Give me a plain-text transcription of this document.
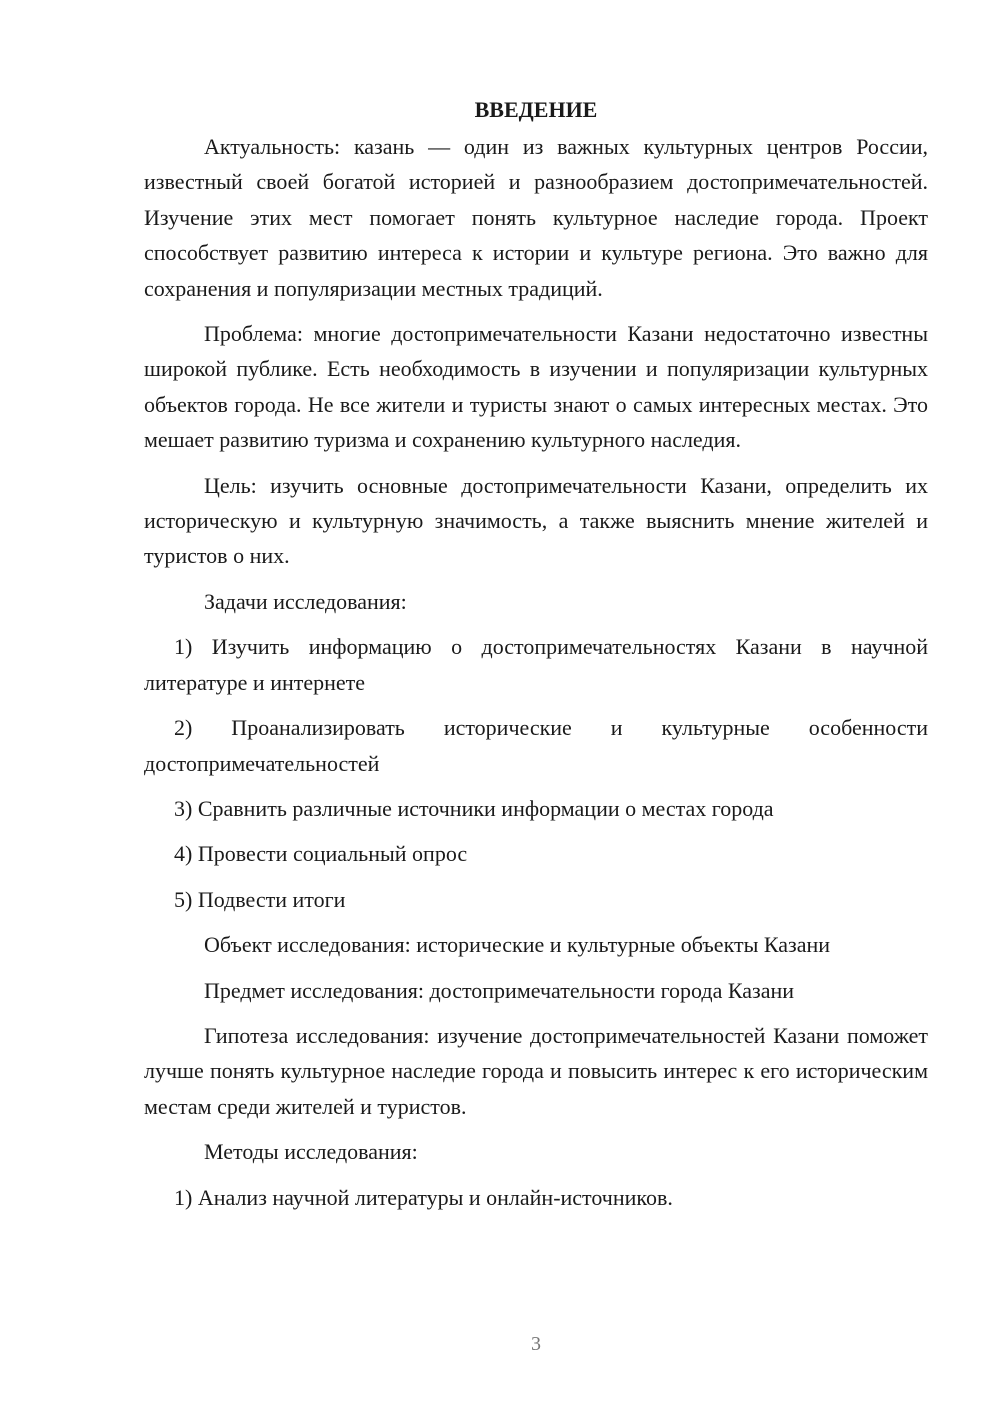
ВВЕДЕНИЕ

Актуальность: казань — один из важных культурных центров России, известный своей богатой историей и разнообразием достопримечательностей. Изучение этих мест помогает понять культурное наследие города. Проект способствует развитию интереса к истории и культуре региона. Это важно для сохранения и популяризации местных традиций.

Проблема: многие достопримечательности Казани недостаточно известны широкой публике. Есть необходимость в изучении и популяризации культурных объектов города. Не все жители и туристы знают о самых интересных местах. Это мешает развитию туризма и сохранению культурного наследия.

Цель: изучить основные достопримечательности Казани, определить их историческую и культурную значимость, а также выяснить мнение жителей и туристов о них.

Задачи исследования:

1) Изучить информацию о достопримечательностях Казани в научной литературе и интернете

2) Проанализировать исторические и культурные особенности достопримечательностей

3) Сравнить различные источники информации о местах города

4) Провести социальный опрос

5) Подвести итоги

Объект исследования: исторические и культурные объекты Казани

Предмет исследования: достопримечательности города Казани

Гипотеза исследования: изучение достопримечательностей Казани поможет лучше понять культурное наследие города и повысить интерес к его историческим местам среди жителей и туристов.

Методы исследования:

1) Анализ научной литературы и онлайн-источников.

3
